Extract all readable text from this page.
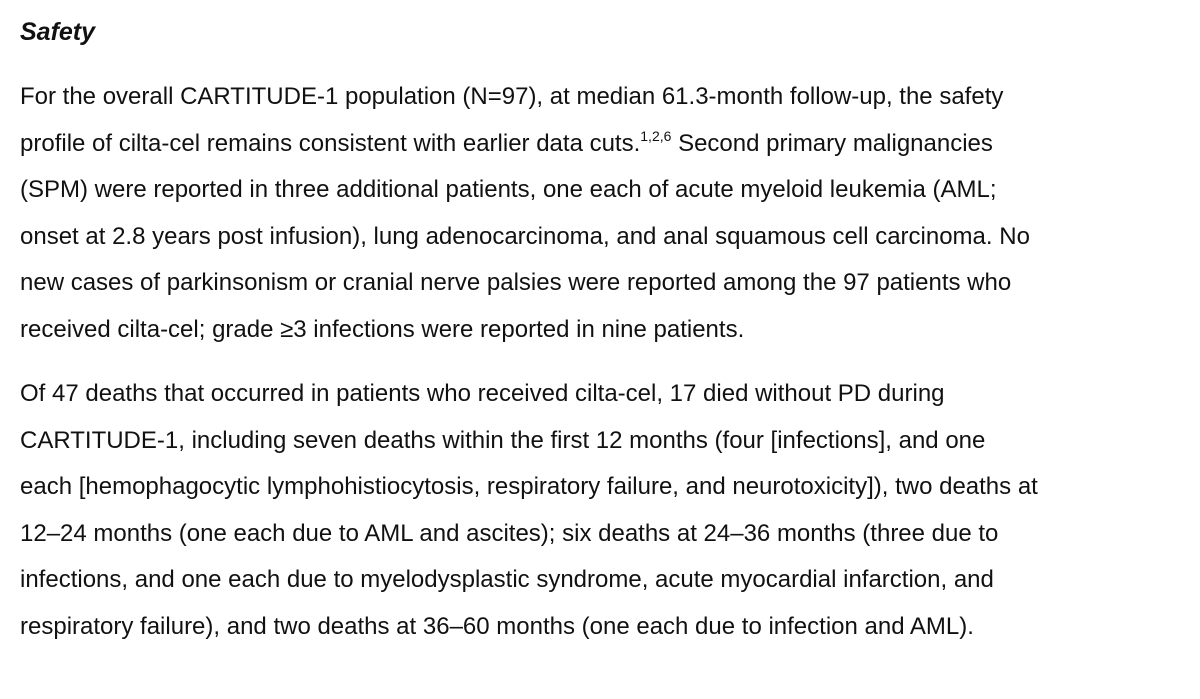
Safety

For the overall CARTITUDE-1 population (N=97), at median 61.3-month follow-up, the safety
profile of cilta-cel remains consistent with earlier data cuts.$^{1,2,6}$ Second primary malignancies
(SPM) were reported in three additional patients, one each of acute myeloid leukemia (AML;
onset at 2.8 years post infusion), lung adenocarcinoma, and anal squamous cell carcinoma. No
new cases of parkinsonism or cranial nerve palsies were reported among the 97 patients who
received cilta-cel; grade ≥3 infections were reported in nine patients.

Of 47 deaths that occurred in patients who received cilta-cel, 17 died without PD during
CARTITUDE-1, including seven deaths within the first 12 months (four [infections], and one
each [hemophagocytic lymphohistiocytosis, respiratory failure, and neurotoxicity]), two deaths at
12–24 months (one each due to AML and ascites); six deaths at 24–36 months (three due to
infections, and one each due to myelodysplastic syndrome, acute myocardial infarction, and
respiratory failure), and two deaths at 36–60 months (one each due to infection and AML).
